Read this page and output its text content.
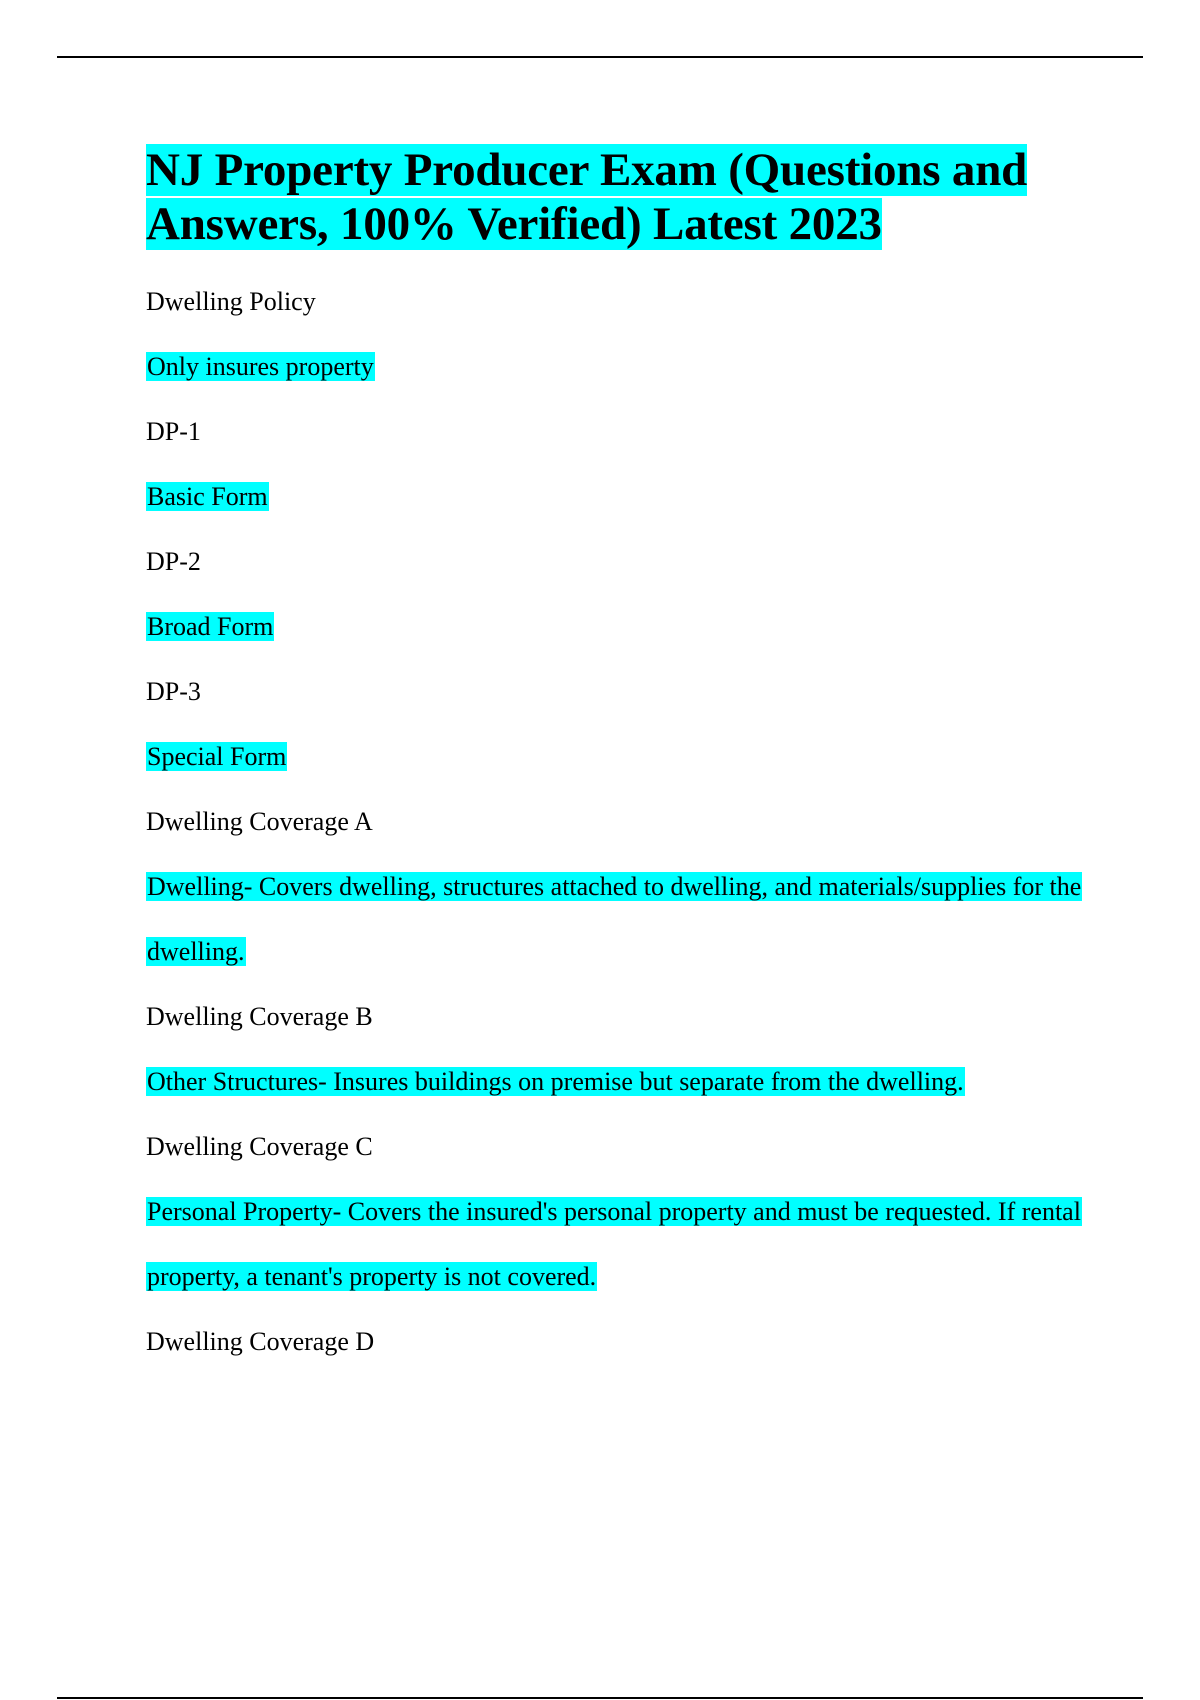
NJ Property Producer Exam (Questions and Answers, 100% Verified) Latest 2023
Dwelling Policy
Only insures property
DP-1
Basic Form
DP-2
Broad Form
DP-3
Special Form
Dwelling Coverage A
Dwelling- Covers dwelling, structures attached to dwelling, and materials/supplies for the dwelling.
Dwelling Coverage B
Other Structures- Insures buildings on premise but separate from the dwelling.
Dwelling Coverage C
Personal Property- Covers the insured's personal property and must be requested. If rental property, a tenant's property is not covered.
Dwelling Coverage D
